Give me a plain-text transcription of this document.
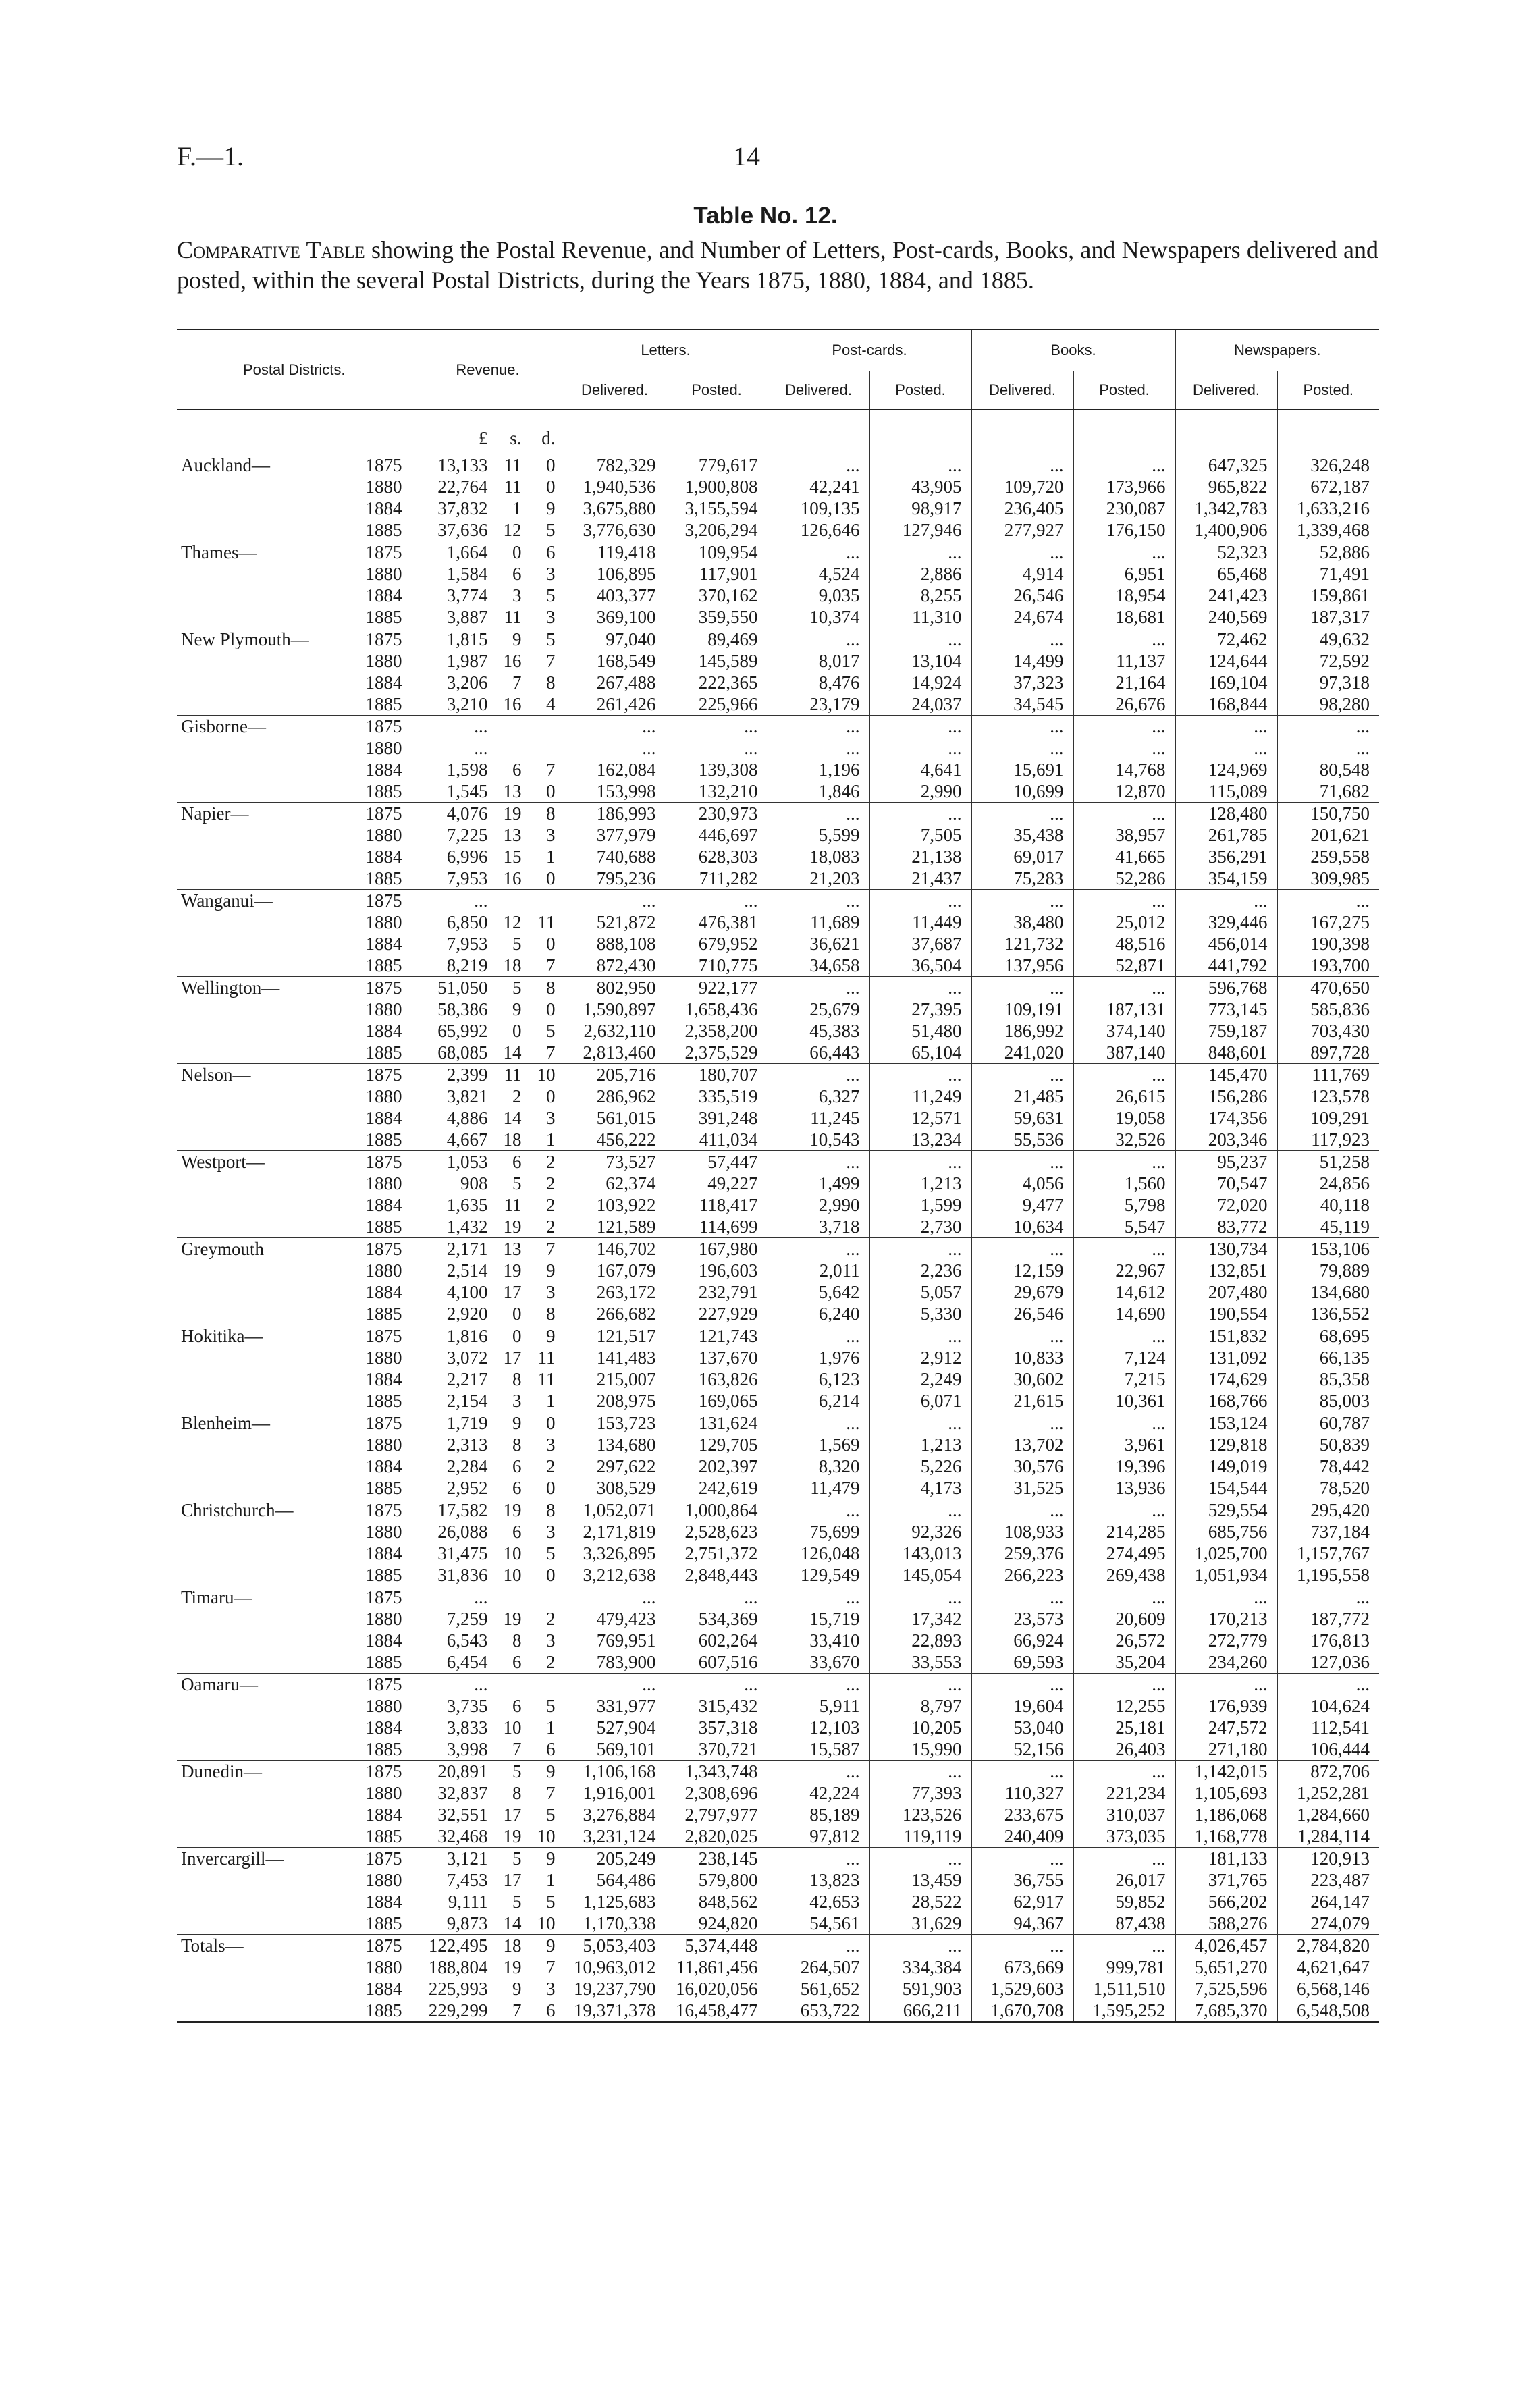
F.—1.	14
Table No. 12.
Comparative Table showing the Postal Revenue, and Number of Letters, Post-cards, Books, and Newspapers delivered and posted, within the several Postal Districts, during the Years 1875, 1880, 1884, and 1885.
Postal Districts.		Revenue.	Letters.		Post-cards.		Books.		Newspapers.	
			Delivered.	Posted.	Delivered.	Posted.	Delivered.	Posted.	Delivered.	Posted.

		£ s. d.								

Auckland—	1875	13,133 11 0	782,329	779,617	...	...	...	...	647,325	326,248
	1880	22,764 11 0	1,940,536	1,900,808	42,241	43,905	109,720	173,966	965,822	672,187
	1884	37,832 1 9	3,675,880	3,155,594	109,135	98,917	236,405	230,087	1,342,783	1,633,216
	1885	37,636 12 5	3,776,630	3,206,294	126,646	127,946	277,927	176,150	1,400,906	1,339,468
Thames—	1875	1,664 0 6	119,418	109,954	...	...	...	...	52,323	52,886
	1880	1,584 6 3	106,895	117,901	4,524	2,886	4,914	6,951	65,468	71,491
	1884	3,774 3 5	403,377	370,162	9,035	8,255	26,546	18,954	241,423	159,861
	1885	3,887 11 3	369,100	359,550	10,374	11,310	24,674	18,681	240,569	187,317
New Plymouth—	1875	1,815 9 5	97,040	89,469	...	...	...	...	72,462	49,632
	1880	1,987 16 7	168,549	145,589	8,017	13,104	14,499	11,137	124,644	72,592
	1884	3,206 7 8	267,488	222,365	8,476	14,924	37,323	21,164	169,104	97,318
	1885	3,210 16 4	261,426	225,966	23,179	24,037	34,545	26,676	168,844	98,280
Gisborne—	1875	...	...	...	...	...	...	...	...	...
	1880	...	...	...	...	...	...	...	...	...
	1884	1,598 6 7	162,084	139,308	1,196	4,641	15,691	14,768	124,969	80,548
	1885	1,545 13 0	153,998	132,210	1,846	2,990	10,699	12,870	115,089	71,682
Napier—	1875	4,076 19 8	186,993	230,973	...	...	...	...	128,480	150,750
	1880	7,225 13 3	377,979	446,697	5,599	7,505	35,438	38,957	261,785	201,621
	1884	6,996 15 1	740,688	628,303	18,083	21,138	69,017	41,665	356,291	259,558
	1885	7,953 16 0	795,236	711,282	21,203	21,437	75,283	52,286	354,159	309,985
Wanganui—	1875	...	...	...	...	...	...	...	...	...
	1880	6,850 12 11	521,872	476,381	11,689	11,449	38,480	25,012	329,446	167,275
	1884	7,953 5 0	888,108	679,952	36,621	37,687	121,732	48,516	456,014	190,398
	1885	8,219 18 7	872,430	710,775	34,658	36,504	137,956	52,871	441,792	193,700
Wellington—	1875	51,050 5 8	802,950	922,177	...	...	...	...	596,768	470,650
	1880	58,386 9 0	1,590,897	1,658,436	25,679	27,395	109,191	187,131	773,145	585,836
	1884	65,992 0 5	2,632,110	2,358,200	45,383	51,480	186,992	374,140	759,187	703,430
	1885	68,085 14 7	2,813,460	2,375,529	66,443	65,104	241,020	387,140	848,601	897,728
Nelson—	1875	2,399 11 10	205,716	180,707	...	...	...	...	145,470	111,769
	1880	3,821 2 0	286,962	335,519	6,327	11,249	21,485	26,615	156,286	123,578
	1884	4,886 14 3	561,015	391,248	11,245	12,571	59,631	19,058	174,356	109,291
	1885	4,667 18 1	456,222	411,034	10,543	13,234	55,536	32,526	203,346	117,923
Westport—	1875	1,053 6 2	73,527	57,447	...	...	...	...	95,237	51,258
	1880	908 5 2	62,374	49,227	1,499	1,213	4,056	1,560	70,547	24,856
	1884	1,635 11 2	103,922	118,417	2,990	1,599	9,477	5,798	72,020	40,118
	1885	1,432 19 2	121,589	114,699	3,718	2,730	10,634	5,547	83,772	45,119
Greymouth	1875	2,171 13 7	146,702	167,980	...	...	...	...	130,734	153,106
	1880	2,514 19 9	167,079	196,603	2,011	2,236	12,159	22,967	132,851	79,889
	1884	4,100 17 3	263,172	232,791	5,642	5,057	29,679	14,612	207,480	134,680
	1885	2,920 0 8	266,682	227,929	6,240	5,330	26,546	14,690	190,554	136,552
Hokitika—	1875	1,816 0 9	121,517	121,743	...	...	...	...	151,832	68,695
	1880	3,072 17 11	141,483	137,670	1,976	2,912	10,833	7,124	131,092	66,135
	1884	2,217 8 11	215,007	163,826	6,123	2,249	30,602	7,215	174,629	85,358
	1885	2,154 3 1	208,975	169,065	6,214	6,071	21,615	10,361	168,766	85,003
Blenheim—	1875	1,719 9 0	153,723	131,624	...	...	...	...	153,124	60,787
	1880	2,313 8 3	134,680	129,705	1,569	1,213	13,702	3,961	129,818	50,839
	1884	2,284 6 2	297,622	202,397	8,320	5,226	30,576	19,396	149,019	78,442
	1885	2,952 6 0	308,529	242,619	11,479	4,173	31,525	13,936	154,544	78,520
Christchurch—	1875	17,582 19 8	1,052,071	1,000,864	...	...	...	...	529,554	295,420
	1880	26,088 6 3	2,171,819	2,528,623	75,699	92,326	108,933	214,285	685,756	737,184
	1884	31,475 10 5	3,326,895	2,751,372	126,048	143,013	259,376	274,495	1,025,700	1,157,767
	1885	31,836 10 0	3,212,638	2,848,443	129,549	145,054	266,223	269,438	1,051,934	1,195,558
Timaru—	1875	...	...	...	...	...	...	...	...	...
	1880	7,259 19 2	479,423	534,369	15,719	17,342	23,573	20,609	170,213	187,772
	1884	6,543 8 3	769,951	602,264	33,410	22,893	66,924	26,572	272,779	176,813
	1885	6,454 6 2	783,900	607,516	33,670	33,553	69,593	35,204	234,260	127,036
Oamaru—	1875	...	...	...	...	...	...	...	...	...
	1880	3,735 6 5	331,977	315,432	5,911	8,797	19,604	12,255	176,939	104,624
	1884	3,833 10 1	527,904	357,318	12,103	10,205	53,040	25,181	247,572	112,541
	1885	3,998 7 6	569,101	370,721	15,587	15,990	52,156	26,403	271,180	106,444
Dunedin—	1875	20,891 5 9	1,106,168	1,343,748	...	...	...	...	1,142,015	872,706
	1880	32,837 8 7	1,916,001	2,308,696	42,224	77,393	110,327	221,234	1,105,693	1,252,281
	1884	32,551 17 5	3,276,884	2,797,977	85,189	123,526	233,675	310,037	1,186,068	1,284,660
	1885	32,468 19 10	3,231,124	2,820,025	97,812	119,119	240,409	373,035	1,168,778	1,284,114
Invercargill—	1875	3,121 5 9	205,249	238,145	...	...	...	...	181,133	120,913
	1880	7,453 17 1	564,486	579,800	13,823	13,459	36,755	26,017	371,765	223,487
	1884	9,111 5 5	1,125,683	848,562	42,653	28,522	62,917	59,852	566,202	264,147
	1885	9,873 14 10	1,170,338	924,820	54,561	31,629	94,367	87,438	588,276	274,079
Totals—	1875	122,495 18 9	5,053,403	5,374,448	...	...	...	...	4,026,457	2,784,820
	1880	188,804 19 7	10,963,012	11,861,456	264,507	334,384	673,669	999,781	5,651,270	4,621,647
	1884	225,993 9 3	19,237,790	16,020,056	561,652	591,903	1,529,603	1,511,510	7,525,596	6,568,146
	1885	229,299 7 6	19,371,378	16,458,477	653,722	666,211	1,670,708	1,595,252	7,685,370	6,548,508
